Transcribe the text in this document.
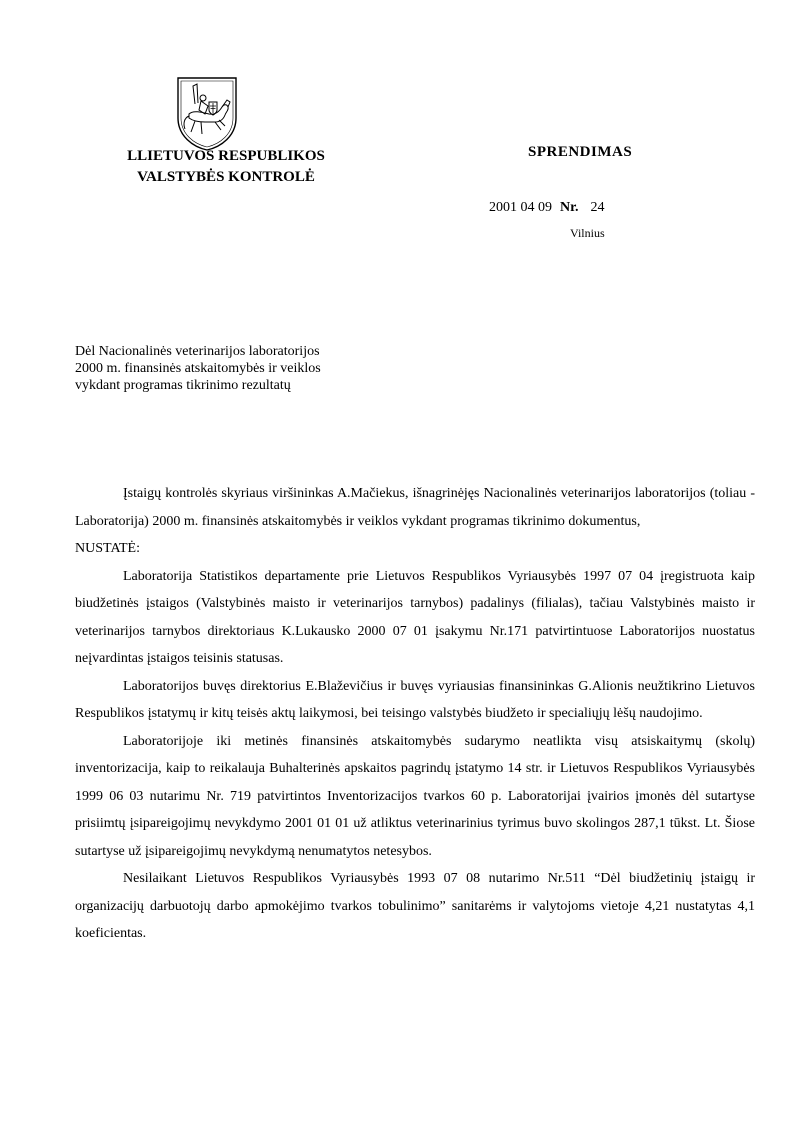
LLIETUVOS RESPUBLIKOS
VALSTYBĖS KONTROLĖ
SPRENDIMAS
2001 04 09 Nr. 24
Vilnius
Dėl Nacionalinės veterinarijos laboratorijos
2000 m. finansinės atskaitomybės ir veiklos
vykdant programas tikrinimo rezultatų

Įstaigų kontrolės skyriaus viršininkas A.Mačiekus, išnagrinėjęs Nacionalinės veterinarijos laboratorijos (toliau - Laboratorija) 2000 m. finansinės atskaitomybės ir veiklos vykdant programas tikrinimo dokumentus,

NUSTATĖ:

Laboratorija Statistikos departamente prie Lietuvos Respublikos Vyriausybės 1997 07 04 įregistruota kaip biudžetinės įstaigos (Valstybinės maisto ir veterinarijos tarnybos) padalinys (filialas), tačiau Valstybinės maisto ir veterinarijos tarnybos direktoriaus K.Lukausko 2000 07 01 įsakymu Nr.171 patvirtintuose Laboratorijos nuostatus neįvardintas įstaigos teisinis statusas.

Laboratorijos buvęs direktorius E.Blaževičius ir buvęs vyriausias finansininkas G.Alionis neužtikrino Lietuvos Respublikos įstatymų ir kitų teisės aktų laikymosi, bei teisingo valstybės biudžeto ir specialiųjų lėšų naudojimo.

Laboratorijoje iki metinės finansinės atskaitomybės sudarymo neatlikta visų atsiskaitymų (skolų) inventorizacija, kaip to reikalauja Buhalterinės apskaitos pagrindų įstatymo 14 str. ir Lietuvos Respublikos Vyriausybės 1999 06 03 nutarimu Nr. 719 patvirtintos Inventorizacijos tvarkos 60 p. Laboratorijai įvairios įmonės dėl sutartyse prisiimtų įsipareigojimų nevykdymo 2001 01 01 už atliktus veterinarinius tyrimus buvo skolingos 287,1 tūkst. Lt. Šiose sutartyse už įsipareigojimų nevykdymą nenumatytos netesybos.

Nesilaikant Lietuvos Respublikos Vyriausybės 1993 07 08 nutarimo Nr.511 “Dėl biudžetinių įstaigų ir organizacijų darbuotojų darbo apmokėjimo tvarkos tobulinimo” sanitarėms ir valytojoms vietoje 4,21 nustatytas 4,1 koeficientas.
